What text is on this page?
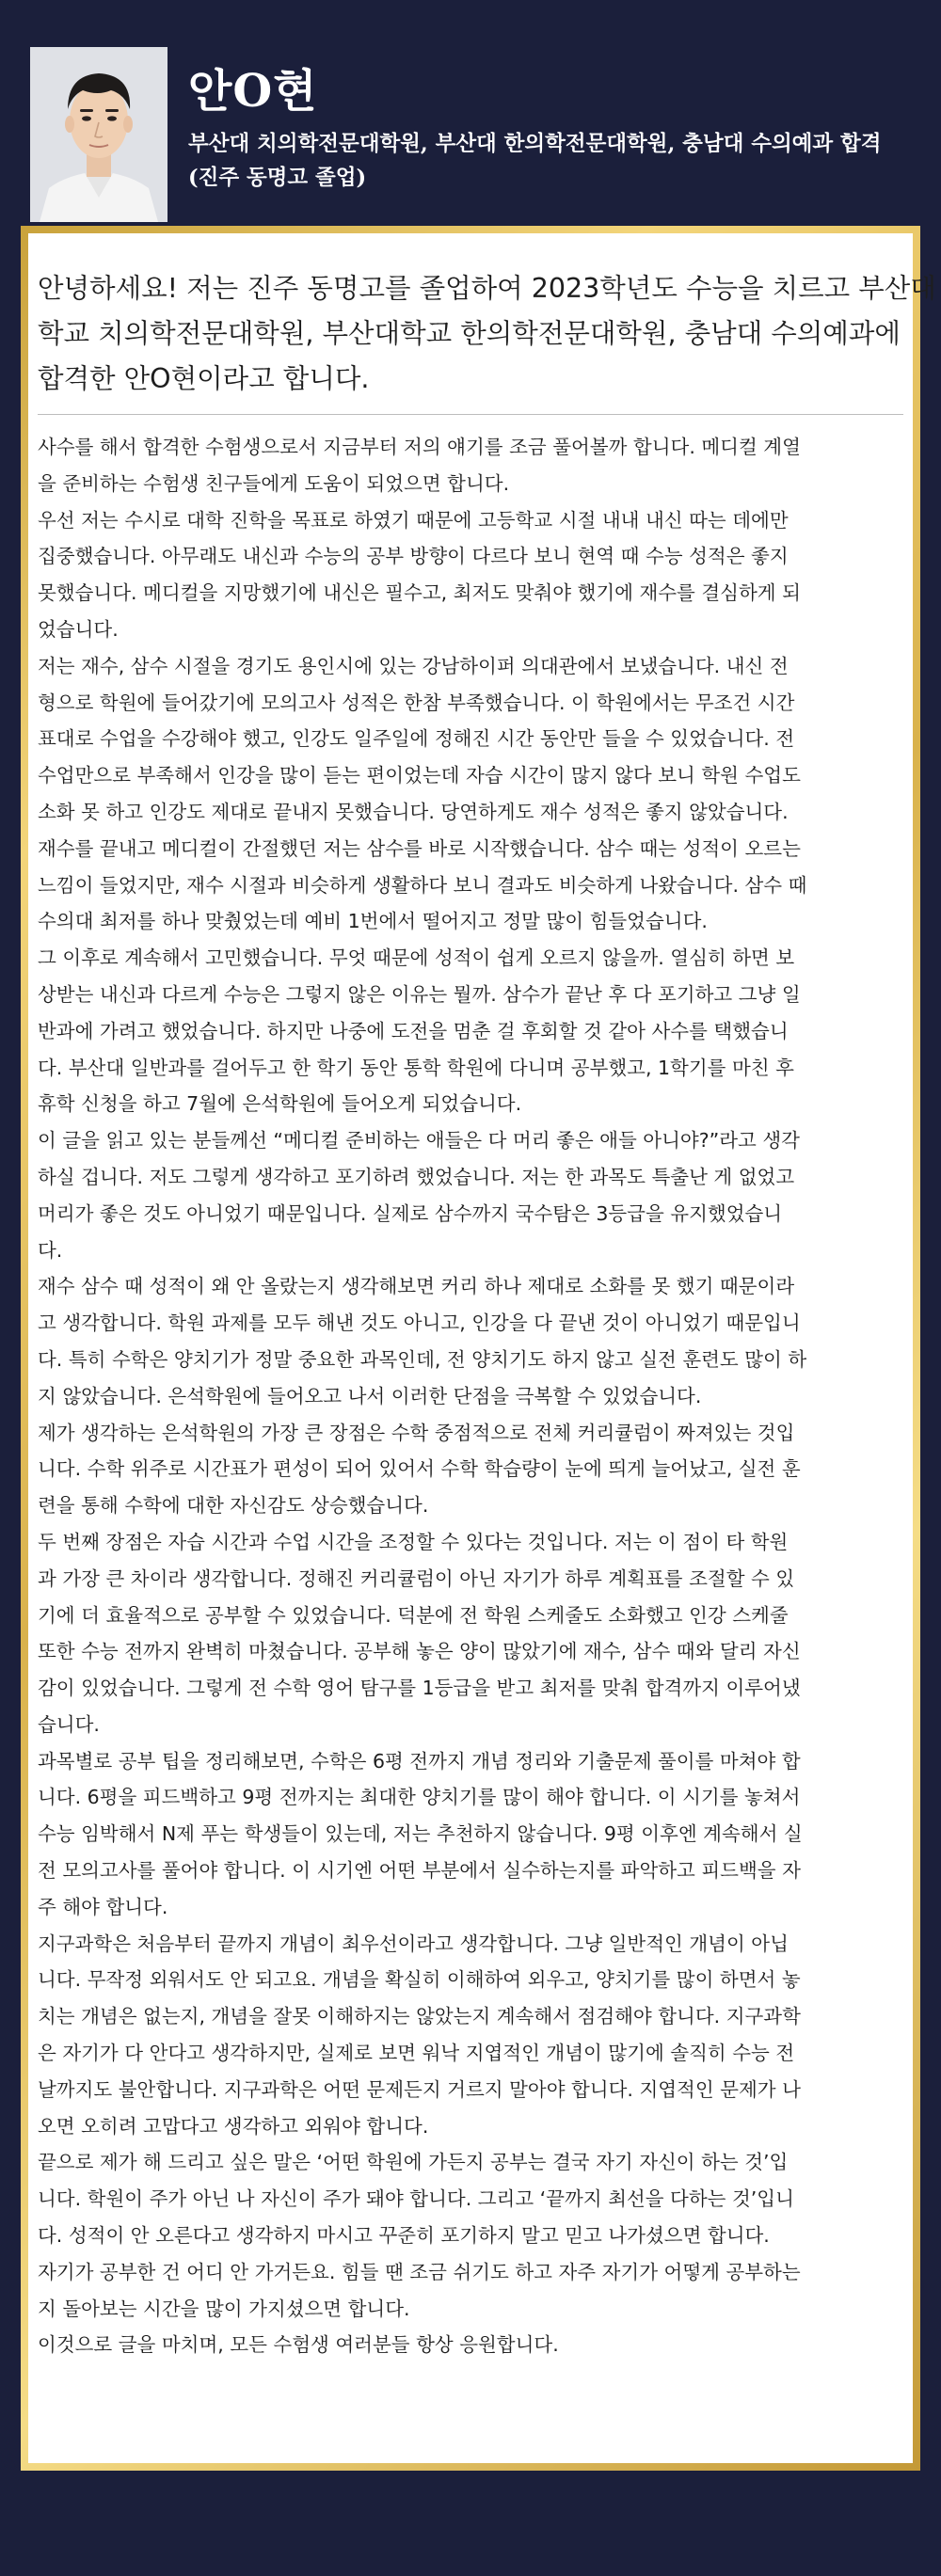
안O현
부산대 치의학전문대학원, 부산대 한의학전문대학원, 충남대 수의예과 합격
(진주 동명고 졸업)
안녕하세요! 저는 진주 동명고를 졸업하여 2023학년도 수능을 치르고 부산대
학교 치의학전문대학원, 부산대학교 한의학전문대학원, 충남대 수의예과에
합격한 안O현이라고 합니다.
사수를 해서 합격한 수험생으로서 지금부터 저의 얘기를 조금 풀어볼까 합니다. 메디컬 계열
을 준비하는 수험생 친구들에게 도움이 되었으면 합니다.
우선 저는 수시로 대학 진학을 목표로 하였기 때문에 고등학교 시절 내내 내신 따는 데에만
집중했습니다. 아무래도 내신과 수능의 공부 방향이 다르다 보니 현역 때 수능 성적은 좋지
못했습니다. 메디컬을 지망했기에 내신은 필수고, 최저도 맞춰야 했기에 재수를 결심하게 되
었습니다.
저는 재수, 삼수 시절을 경기도 용인시에 있는 강남하이퍼 의대관에서 보냈습니다. 내신 전
형으로 학원에 들어갔기에 모의고사 성적은 한참 부족했습니다. 이 학원에서는 무조건 시간
표대로 수업을 수강해야 했고, 인강도 일주일에 정해진 시간 동안만 들을 수 있었습니다. 전
수업만으로 부족해서 인강을 많이 듣는 편이었는데 자습 시간이 많지 않다 보니 학원 수업도
소화 못 하고 인강도 제대로 끝내지 못했습니다. 당연하게도 재수 성적은 좋지 않았습니다.
재수를 끝내고 메디컬이 간절했던 저는 삼수를 바로 시작했습니다. 삼수 때는 성적이 오르는
느낌이 들었지만, 재수 시절과 비슷하게 생활하다 보니 결과도 비슷하게 나왔습니다. 삼수 때
수의대 최저를 하나 맞췄었는데 예비 1번에서 떨어지고 정말 많이 힘들었습니다.
그 이후로 계속해서 고민했습니다. 무엇 때문에 성적이 쉽게 오르지 않을까. 열심히 하면 보
상받는 내신과 다르게 수능은 그렇지 않은 이유는 뭘까. 삼수가 끝난 후 다 포기하고 그냥 일
반과에 가려고 했었습니다. 하지만 나중에 도전을 멈춘 걸 후회할 것 같아 사수를 택했습니
다. 부산대 일반과를 걸어두고 한 학기 동안 통학 학원에 다니며 공부했고, 1학기를 마친 후
휴학 신청을 하고 7월에 은석학원에 들어오게 되었습니다.
이 글을 읽고 있는 분들께선 “메디컬 준비하는 애들은 다 머리 좋은 애들 아니야?”라고 생각
하실 겁니다. 저도 그렇게 생각하고 포기하려 했었습니다. 저는 한 과목도 특출난 게 없었고
머리가 좋은 것도 아니었기 때문입니다. 실제로 삼수까지 국수탐은 3등급을 유지했었습니
다.
재수 삼수 때 성적이 왜 안 올랐는지 생각해보면 커리 하나 제대로 소화를 못 했기 때문이라
고 생각합니다. 학원 과제를 모두 해낸 것도 아니고, 인강을 다 끝낸 것이 아니었기 때문입니
다. 특히 수학은 양치기가 정말 중요한 과목인데, 전 양치기도 하지 않고 실전 훈련도 많이 하
지 않았습니다. 은석학원에 들어오고 나서 이러한 단점을 극복할 수 있었습니다.
제가 생각하는 은석학원의 가장 큰 장점은 수학 중점적으로 전체 커리큘럼이 짜져있는 것입
니다. 수학 위주로 시간표가 편성이 되어 있어서 수학 학습량이 눈에 띄게 늘어났고, 실전 훈
련을 통해 수학에 대한 자신감도 상승했습니다.
두 번째 장점은 자습 시간과 수업 시간을 조정할 수 있다는 것입니다. 저는 이 점이 타 학원
과 가장 큰 차이라 생각합니다. 정해진 커리큘럼이 아닌 자기가 하루 계획표를 조절할 수 있
기에 더 효율적으로 공부할 수 있었습니다. 덕분에 전 학원 스케줄도 소화했고 인강 스케줄
또한 수능 전까지 완벽히 마쳤습니다. 공부해 놓은 양이 많았기에 재수, 삼수 때와 달리 자신
감이 있었습니다. 그렇게 전 수학 영어 탐구를 1등급을 받고 최저를 맞춰 합격까지 이루어냈
습니다.
과목별로 공부 팁을 정리해보면, 수학은 6평 전까지 개념 정리와 기출문제 풀이를 마쳐야 합
니다. 6평을 피드백하고 9평 전까지는 최대한 양치기를 많이 해야 합니다. 이 시기를 놓쳐서
수능 임박해서 N제 푸는 학생들이 있는데, 저는 추천하지 않습니다. 9평 이후엔 계속해서 실
전 모의고사를 풀어야 합니다. 이 시기엔 어떤 부분에서 실수하는지를 파악하고 피드백을 자
주 해야 합니다.
지구과학은 처음부터 끝까지 개념이 최우선이라고 생각합니다. 그냥 일반적인 개념이 아닙
니다. 무작정 외워서도 안 되고요. 개념을 확실히 이해하여 외우고, 양치기를 많이 하면서 놓
치는 개념은 없는지, 개념을 잘못 이해하지는 않았는지 계속해서 점검해야 합니다. 지구과학
은 자기가 다 안다고 생각하지만, 실제로 보면 워낙 지엽적인 개념이 많기에 솔직히 수능 전
날까지도 불안합니다. 지구과학은 어떤 문제든지 거르지 말아야 합니다. 지엽적인 문제가 나
오면 오히려 고맙다고 생각하고 외워야 합니다.
끝으로 제가 해 드리고 싶은 말은 ‘어떤 학원에 가든지 공부는 결국 자기 자신이 하는 것’입
니다. 학원이 주가 아닌 나 자신이 주가 돼야 합니다. 그리고 ‘끝까지 최선을 다하는 것’입니
다. 성적이 안 오른다고 생각하지 마시고 꾸준히 포기하지 말고 믿고 나가셨으면 합니다.
자기가 공부한 건 어디 안 가거든요. 힘들 땐 조금 쉬기도 하고 자주 자기가 어떻게 공부하는
지 돌아보는 시간을 많이 가지셨으면 합니다.
이것으로 글을 마치며, 모든 수험생 여러분들 항상 응원합니다.
